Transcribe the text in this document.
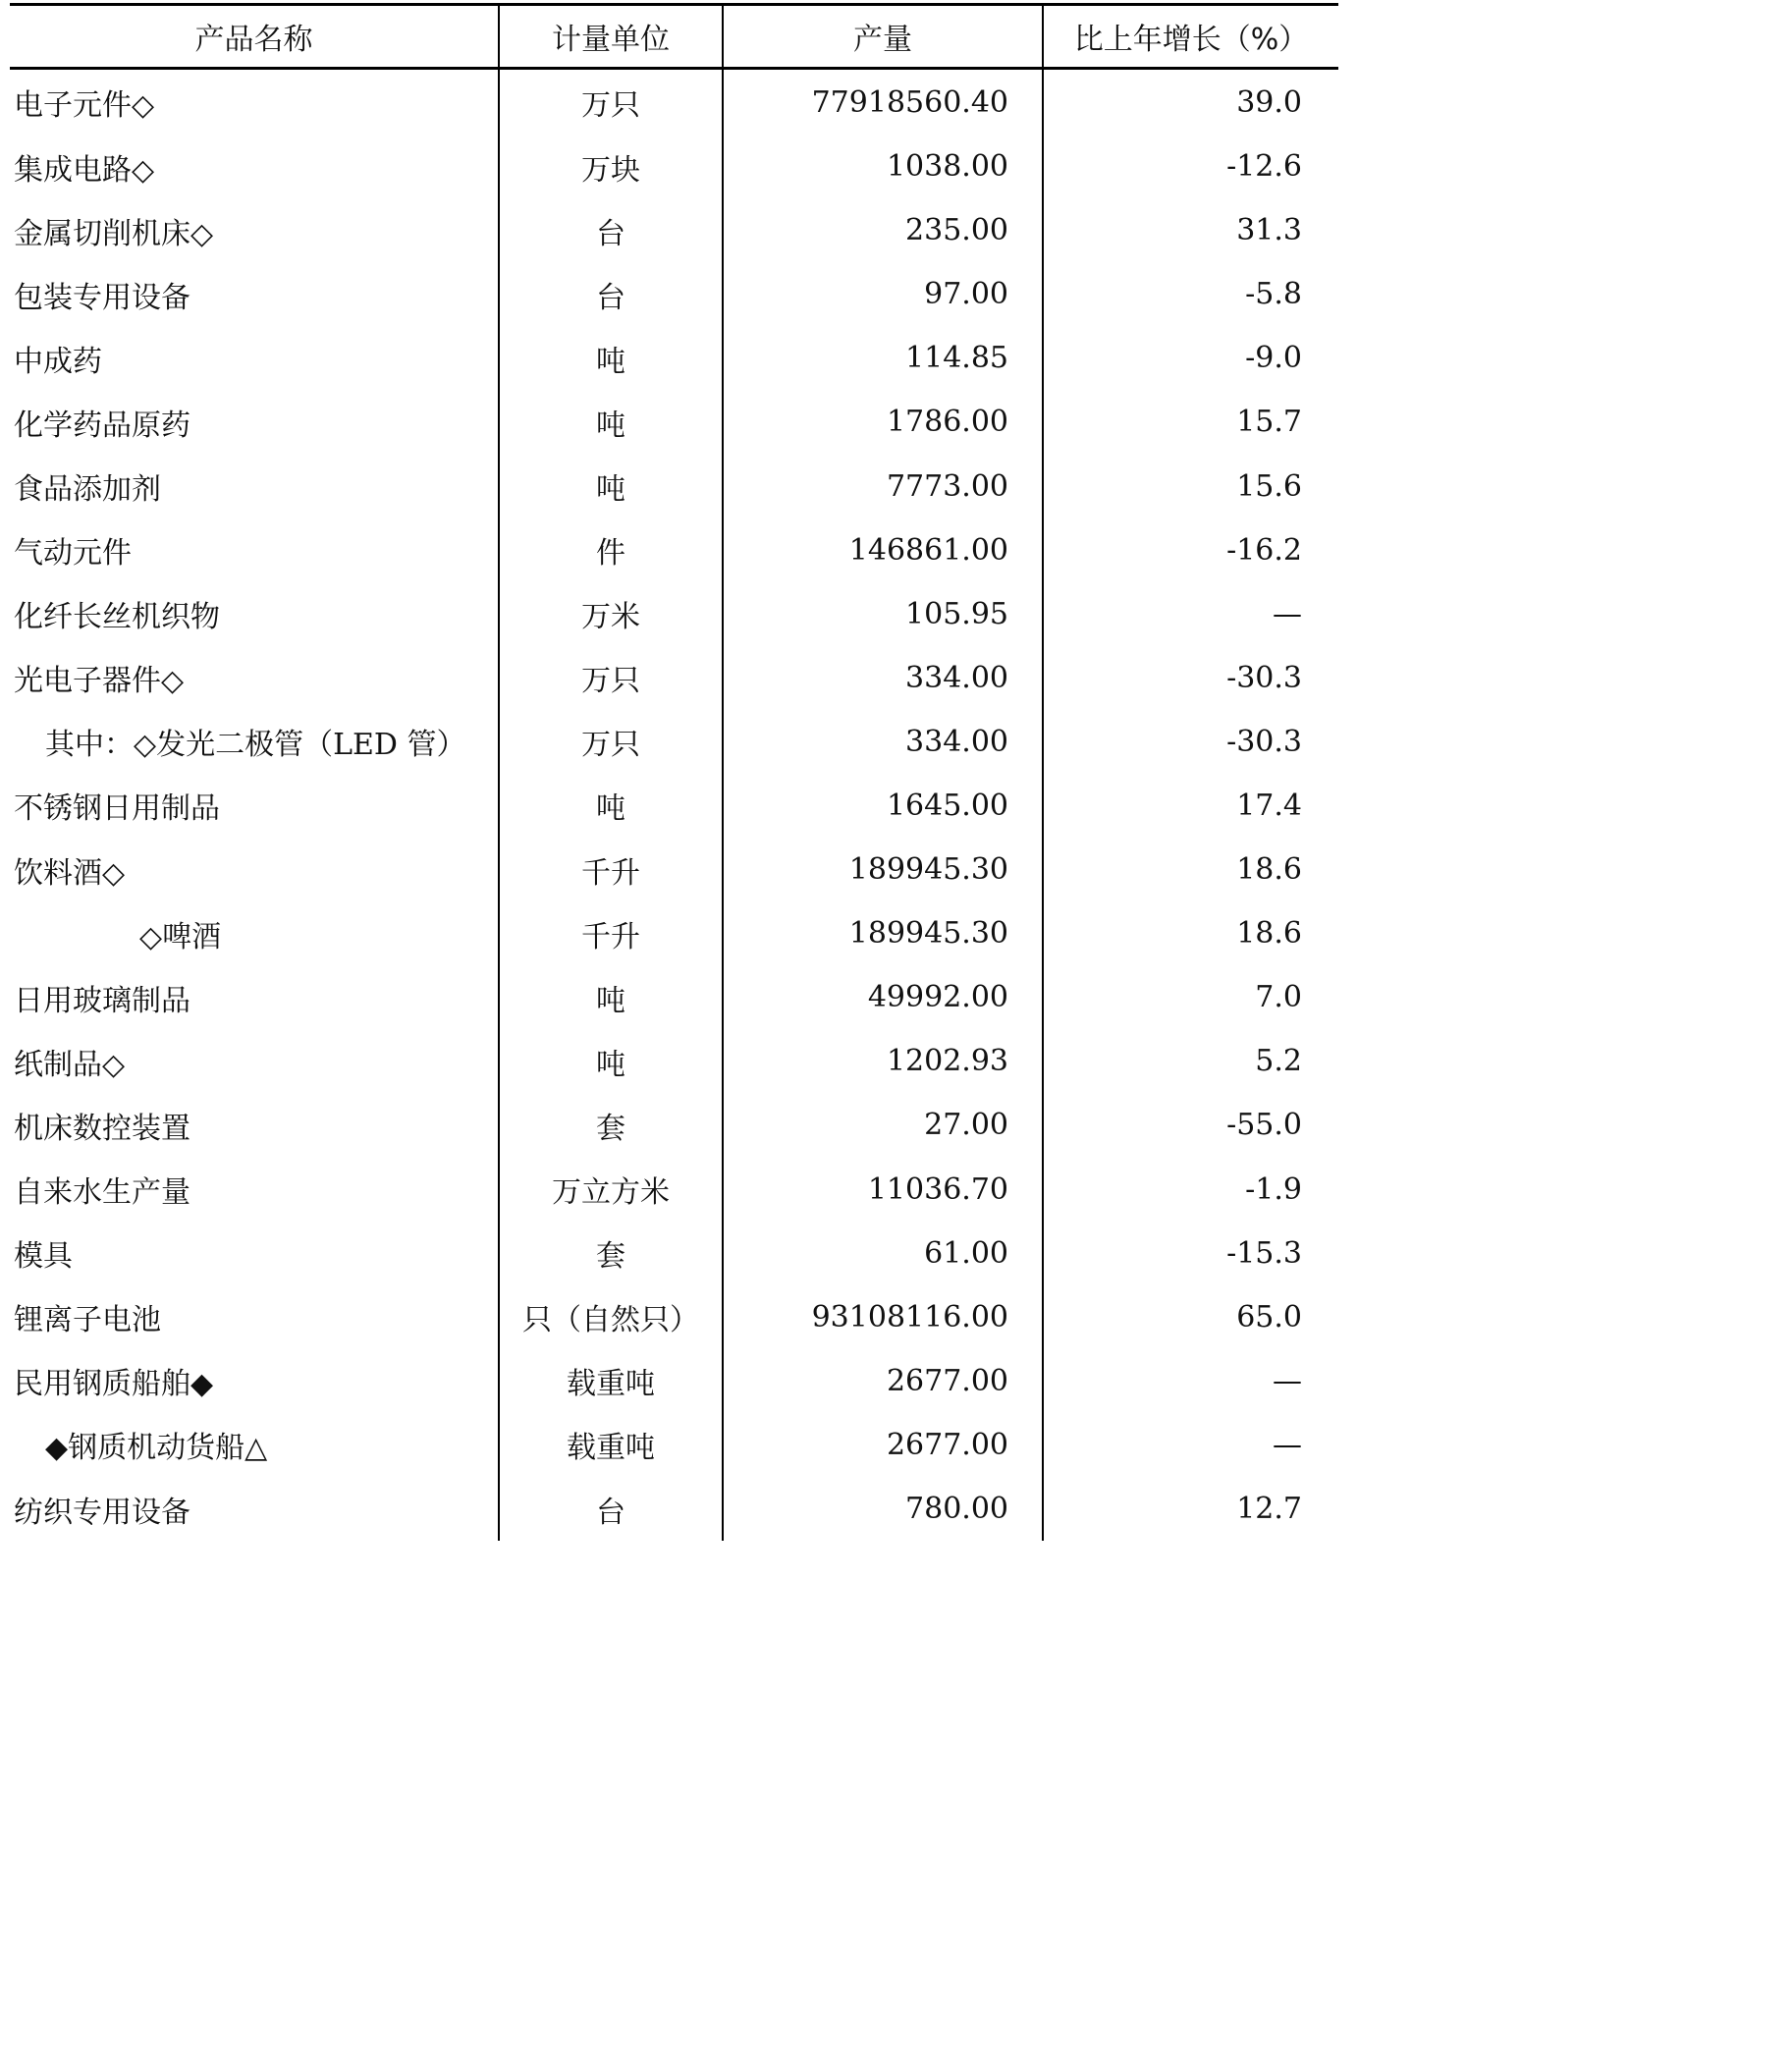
产品名称	计量单位	产量	比上年增长（%）
电子元件◇	万只	77918560.40	39.0
集成电路◇	万块	1038.00	-12.6
金属切削机床◇	台	235.00	31.3
包装专用设备	台	97.00	-5.8
中成药	吨	114.85	-9.0
化学药品原药	吨	1786.00	15.7
食品添加剂	吨	7773.00	15.6
气动元件	件	146861.00	-16.2
化纤长丝机织物	万米	105.95	—
光电子器件◇	万只	334.00	-30.3
其中：◇发光二极管（LED 管）	万只	334.00	-30.3
不锈钢日用制品	吨	1645.00	17.4
饮料酒◇	千升	189945.30	18.6
◇啤酒	千升	189945.30	18.6
日用玻璃制品	吨	49992.00	7.0
纸制品◇	吨	1202.93	5.2
机床数控装置	套	27.00	-55.0
自来水生产量	万立方米	11036.70	-1.9
模具	套	61.00	-15.3
锂离子电池	只（自然只）	93108116.00	65.0
民用钢质船舶◆	载重吨	2677.00	—
◆钢质机动货船△	载重吨	2677.00	—
纺织专用设备	台	780.00	12.7
